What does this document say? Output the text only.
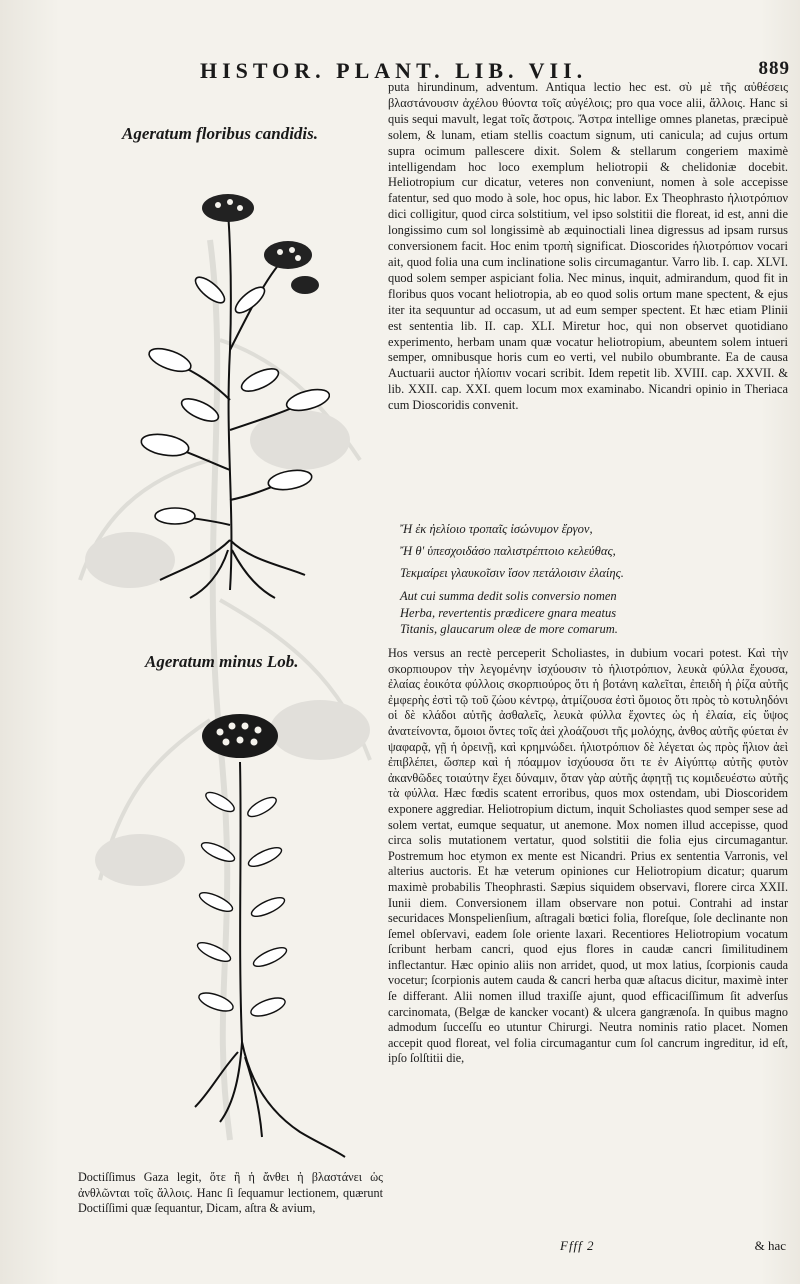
HISTOR. PLANT. LIB. VII.	889
Ageratum floribus candidis.
Ageratum minus Lob.

puta hirundinum, adventum. Antiqua lectio hec est. σὺ μὲ τῆς αὐθέσεις βλαστάνουσιν ἀχέλου θύοντα τοῖς αὐγέλοις; pro qua voce alii, ἄλλοις. Hanc si quis sequi mavult, legat τοῖς ἄστροις. Ἄστρα intellige omnes planetas, præcipuè solem, & lunam, etiam stellis coactum signum, uti canicula; ad cujus ortum supra ocimum pallescere dixit. Solem & stellarum congeriem maximè intelligendam hoc loco exemplum heliotropii & chelidoniæ docebit. Heliotropium cur dicatur, veteres non conveniunt, nomen à sole accepisse fatentur, sed quo modo à sole, hoc opus, hic labor. Ex Theophrasto ἡλιοτρόπιον dici colligitur, quod circa solstitium, vel ipso solstitii die floreat, id est, anni die longissimo cum sol longissimè ab æquinoctiali linea digressus ad ipsam rursus conversionem facit. Hoc enim τροπὴ significat. Dioscorides ἡλιοτρόπιον vocari ait, quod folia una cum inclinatione solis circumagantur. Varro lib. I. cap. XLVI. quod solem semper aspiciant folia. Nec minus, inquit, admirandum, quod fit in floribus quos vocant heliotropia, ab eo quod solis ortum mane spectent, & ejus iter ita sequuntur ad occasum, ut ad eum semper spectent. Et hæc etiam Plinii est sententia lib. II. cap. XLI. Miretur hoc, qui non observet quotidiano experimento, herbam unam quæ vocatur heliotropium, abeuntem solem intueri semper, omnibusque horis cum eo verti, vel nubilo obumbrante. Ea de causa Auctuarii auctor ἡλίοπιν vocari scribit. Idem repetit lib. XVIII. cap. XXVII. & lib. XXII. cap. XXI. quem locum mox examinabo. Nicandri opinio in Theriaca cum Dioscoridis convenit.

Ἤ ἐκ ἠελίοιο τροπαῖς ἰσώνυμον ἔργον,
Ἤ θ' ὑπεσχοιδάσο παλιστρέπτοιο κελεύθας,
Τεκμαίρει γλαυκοῖσιν ἴσον πετάλοισιν ἐλαίης.
Aut cui summa dedit solis conversio nomen
Herba, revertentis prædicere gnara meatus
Titanis, glaucarum oleæ de more comarum.

Hos versus an rectè perceperit Scholiastes, in dubium vocari potest. Καὶ τὴν σκορπιουρον τὴν λεγομένην ἰσχύουσιν τὸ ἡλιοτρόπιον, λευκὰ φύλλα ἔχουσα, ἐλαίας ἐοικότα φύλλοις σκορπιούρος ὅτι ἡ βοτάνη καλεῖται, ἐπειδὴ ἡ ῥίζα αὐτῆς ἐμφερὴς ἐστὶ τῷ τοῦ ζώου κέντρῳ, ἀτμίζουσα ἐστὶ ὅμοιος ὅτι πρὸς τὸ κοτυληδόνι οἱ δὲ κλάδοι αὐτῆς ἀσθαλεῖς, λευκὰ φύλλα ἔχοντες ὡς ἡ ἐλαία, εἰς ὕψος ἀνατείνοντα, ὅμοιοι ὄντες τοῖς ἀεὶ χλοάζουσι τῆς μολόχης, ἀνθος αὐτῆς φύεται ἐν ψαφαρᾷ, γῇ ἡ ὀρεινῇ, καὶ κρημνώδει. ἡλιοτρόπιον δὲ λέγεται ὡς πρὸς ἥλιον ἀεὶ ἐπιβλέπει, ὥσπερ καὶ ἡ πόαμμον ἰσχύουσα ὅτι τε ἐν Αἰγύπτῳ αὐτῆς φυτὸν ἀκανθῶδες τοιαύτην ἔχει δύναμιν, ὅταν γὰρ αὐτῆς ἁφητῇ τις κομιδευέστω αὐτῆς τὰ φύλλα. Hæc fœdis scatent erroribus, quos mox ostendam, ubi Dioscoridem exponere aggrediar. Heliotropium dictum, inquit Scholiastes quod semper sese ad solem vertat, eumque sequatur, ut anemone. Mox nomen illud accepisse, quod circa solis mutationem vertatur, quod solstitii die folia ejus circumagantur. Postremum hoc etymon ex mente est Nicandri. Prius ex sententia Varronis, vel alterius auctoris. Et hæ veterum opiniones cur Heliotropium dicatur; quarum maximè probabilis Theophrasti. Sæpius siquidem observavi, florere circa XXII. Iunii diem. Conversionem illam observare non potui. Contrahi ad instar securidaces Monspelienſium, aſtragali bœtici folia, floreſque, ſole declinante non ſemel obſervavi, eadem ſole oriente laxari. Recentiores Heliotropium vocatum ſcribunt herbam cancri, quod ejus flores in caudæ cancri ſimilitudinem inflectantur. Hæc opinio aliis non arridet, quod, ut mox latius, ſcorpionis cauda vocetur; ſcorpionis autem cauda & cancri herba quæ aſtacus dicitur, maximè inter ſe differant. Alii nomen illud traxiſſe ajunt, quod efficaciſſimum ſit adverſus carcinomata, (Belgæ de kancker vocant) & ulcera gangrænoſa. In quibus magno admodum ſucceſſu eo utuntur Chirurgi. Neutra nominis ratio placet. Nomen accepit quod floreat, vel folia circumagantur cum ſol cancrum ingreditur, id eſt, ipſo ſolſtitii die,

Doctiſſimus Gaza legit, ὅτε ἢ ἡ ἄνθει ἡ βλαστάνει ὡς ἀνθλῶνται τοῖς ἄλλοις. Hanc ſi ſequamur lectionem, quærunt Doctiſſimi quæ ſequantur, Dicam, aſtra & avium,
Ffff 2	& hac
